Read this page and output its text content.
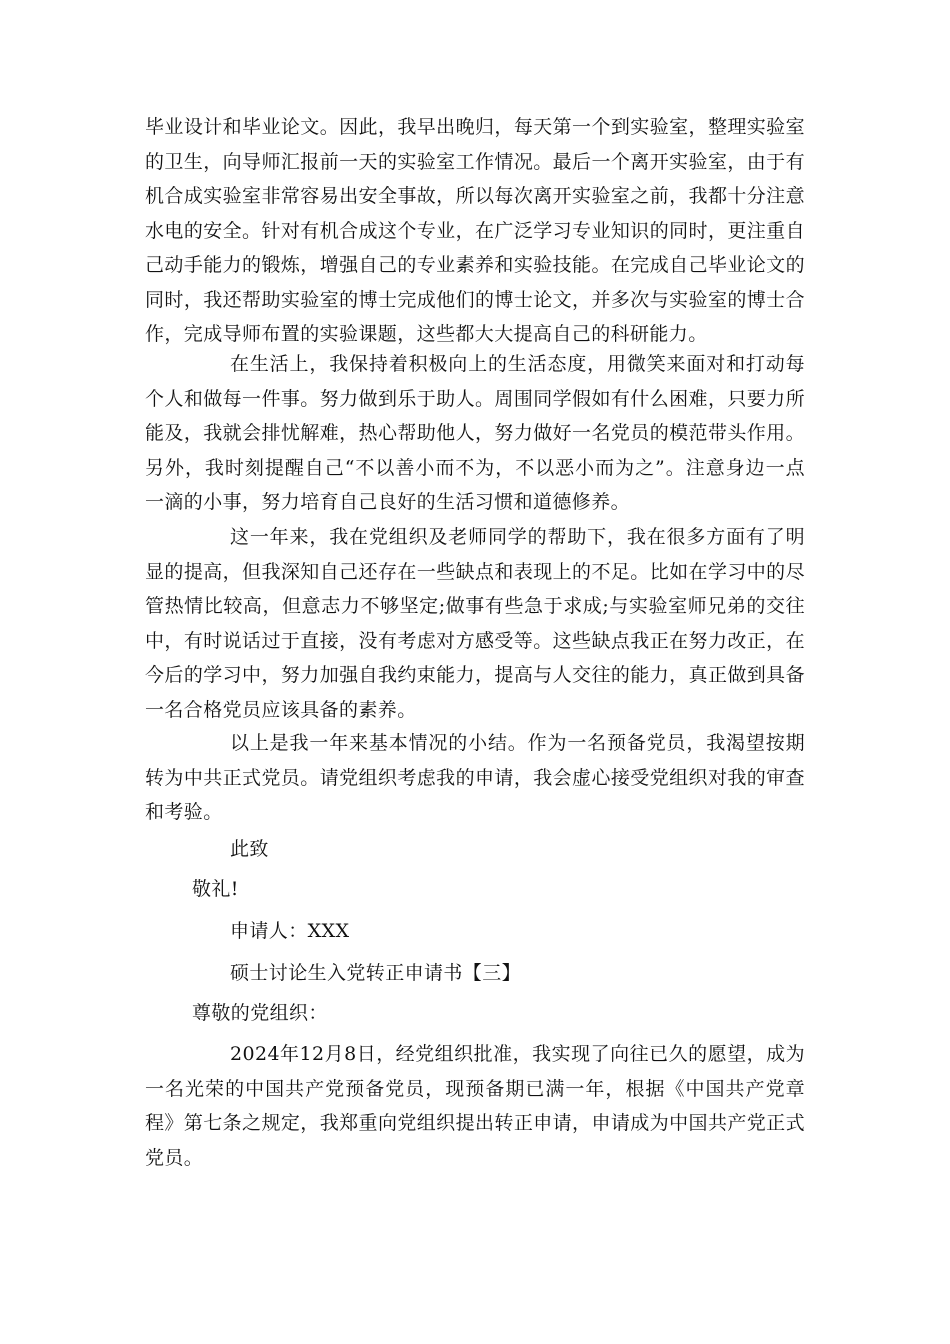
毕业设计和毕业论文。因此，我早出晚归，每天第一个到实验室，整理实验室的卫生，向导师汇报前一天的实验室工作情况。最后一个离开实验室，由于有机合成实验室非常容易出安全事故，所以每次离开实验室之前，我都十分注意水电的安全。针对有机合成这个专业，在广泛学习专业知识的同时，更注重自己动手能力的锻炼，增强自己的专业素养和实验技能。在完成自己毕业论文的同时，我还帮助实验室的博士完成他们的博士论文，并多次与实验室的博士合作，完成导师布置的实验课题，这些都大大提高自己的科研能力。

在生活上，我保持着积极向上的生活态度，用微笑来面对和打动每个人和做每一件事。努力做到乐于助人。周围同学假如有什么困难，只要力所能及，我就会排忧解难，热心帮助他人，努力做好一名党员的模范带头作用。另外，我时刻提醒自己“不以善小而不为，不以恶小而为之”。注意身边一点一滴的小事，努力培育自己良好的生活习惯和道德修养。

这一年来，我在党组织及老师同学的帮助下，我在很多方面有了明显的提高，但我深知自己还存在一些缺点和表现上的不足。比如在学习中的尽管热情比较高，但意志力不够坚定;做事有些急于求成;与实验室师兄弟的交往中，有时说话过于直接，没有考虑对方感受等。这些缺点我正在努力改正，在今后的学习中，努力加强自我约束能力，提高与人交往的能力，真正做到具备一名合格党员应该具备的素养。

以上是我一年来基本情况的小结。作为一名预备党员，我渴望按期转为中共正式党员。请党组织考虑我的申请，我会虚心接受党组织对我的审查和考验。

此致

敬礼!

申请人：XXX

硕士讨论生入党转正申请书【三】

尊敬的党组织：

2024年12月8日，经党组织批准，我实现了向往已久的愿望，成为一名光荣的中国共产党预备党员，现预备期已满一年，根据《中国共产党章程》第七条之规定，我郑重向党组织提出转正申请，申请成为中国共产党正式党员。
